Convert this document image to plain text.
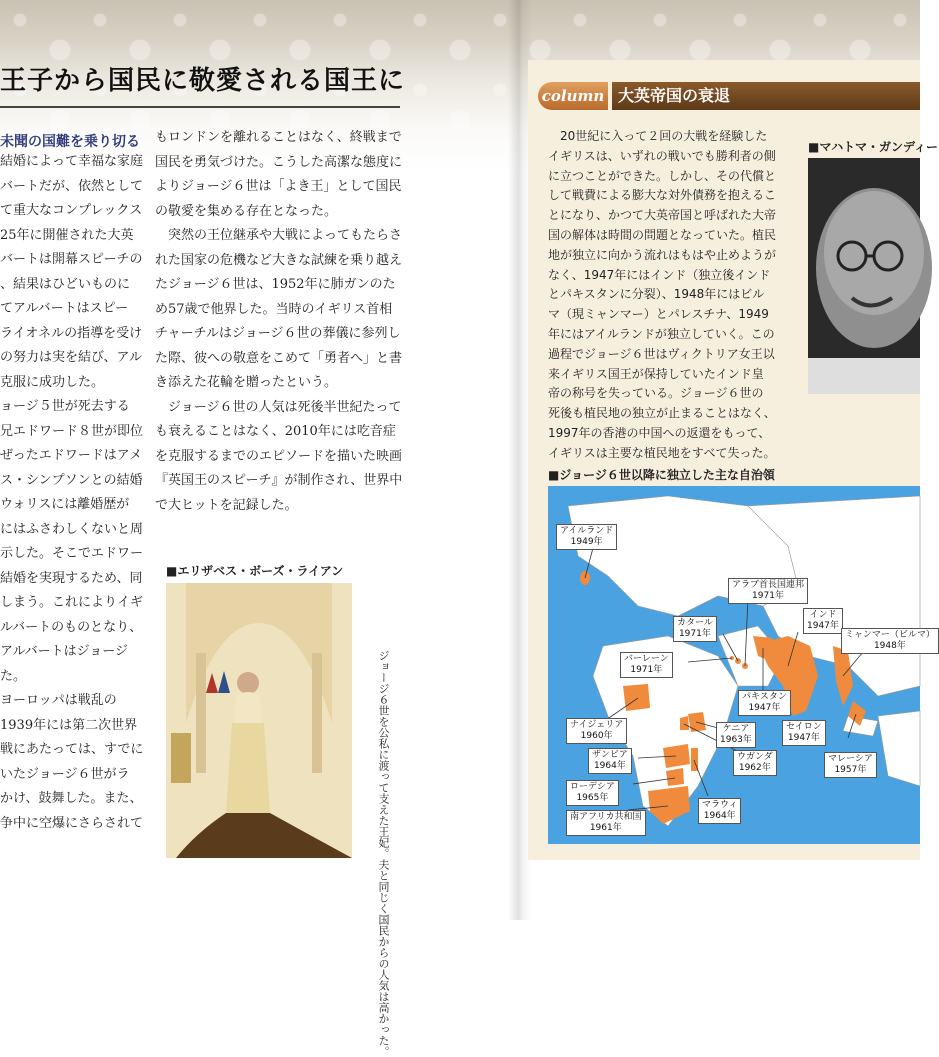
王子から国民に敬愛される国王に
未聞の国難を乗り切る

結婚によって幸福な家庭

バートだが、依然として

て重大なコンプレックス

25年に開催された大英

バートは開幕スピーチの

、結果はひどいものに

てアルバートはスピー

ライオネルの指導を受け

の努力は実を結び、アル

克服に成功した。

ョージ５世が死去する

兄エドワード８世が即位

ぜったエドワードはアメ

ス・シンプソンとの結婚

ウォリスには離婚歴が

にはふさわしくないと周

示した。そこでエドワー

結婚を実現するため、同

しまう。これによりイギ

ルバートのものとなり、

アルバートはジョージ

た。

ヨーロッパは戦乱の

1939年には第二次世界

戦にあたっては、すでに

いたジョージ６世がラ

かけ、鼓舞した。また、

争中に空爆にさらされて

もロンドンを離れることはなく、終戦まで

国民を勇気づけた。こうした高潔な態度に

よりジョージ６世は「よき王」として国民

の敬愛を集める存在となった。

　突然の王位継承や大戦によってもたらさ

れた国家の危機など大きな試練を乗り越え

たジョージ６世は、1952年に肺ガンのた

め57歳で他界した。当時のイギリス首相

チャーチルはジョージ６世の葬儀に参列し

た際、彼への敬意をこめて「勇者へ」と書

き添えた花輪を贈ったという。

　ジョージ６世の人気は死後半世紀たって

も衰えることはなく、2010年には吃音症

を克服するまでのエピソードを描いた映画

『英国王のスピーチ』が制作され、世界中

で大ヒットを記録した。

■エリザベス・ボーズ・ライアン
ジョージ６世を公私に渡って支えた王妃。夫と同じく国民からの人気は高かった。
column 大英帝国の衰退

　20世紀に入って２回の大戦を経験した

イギリスは、いずれの戦いでも勝利者の側

に立つことができた。しかし、その代償と

して戦費による膨大な対外債務を抱えるこ

とになり、かつて大英帝国と呼ばれた大帝

国の解体は時間の問題となっていた。植民

地が独立に向かう流れはもはや止めようが

なく、1947年にはインド（独立後インド

とパキスタンに分裂）、1948年にはビル

マ（現ミャンマー）とパレスチナ、1949

年にはアイルランドが独立していく。この

過程でジョージ６世はヴィクトリア女王以

来イギリス国王が保持していたインド皇

帝の称号を失っている。ジョージ６世の

死後も植民地の独立が止まることはなく、

1997年の香港の中国への返還をもって、

イギリスは主要な植民地をすべて失った。

■マハトマ・ガンディー
■ジョージ６世以降に独立した主な自治領
アイルランド
1949年
アラブ首長国連邦
1971年
インド
1947年
カタール
1971年	ミャンマー（ビルマ）
1948年
バーレーン
1971年
パキスタン
1947年
ナイジェリア
1960年
ケニア
1963年
セイロン
1947年
ザンビア
1964年
ウガンダ
1962年
マレーシア
1957年
ローデシア
1965年
マラウィ
1964年
南アフリカ共和国
1961年
